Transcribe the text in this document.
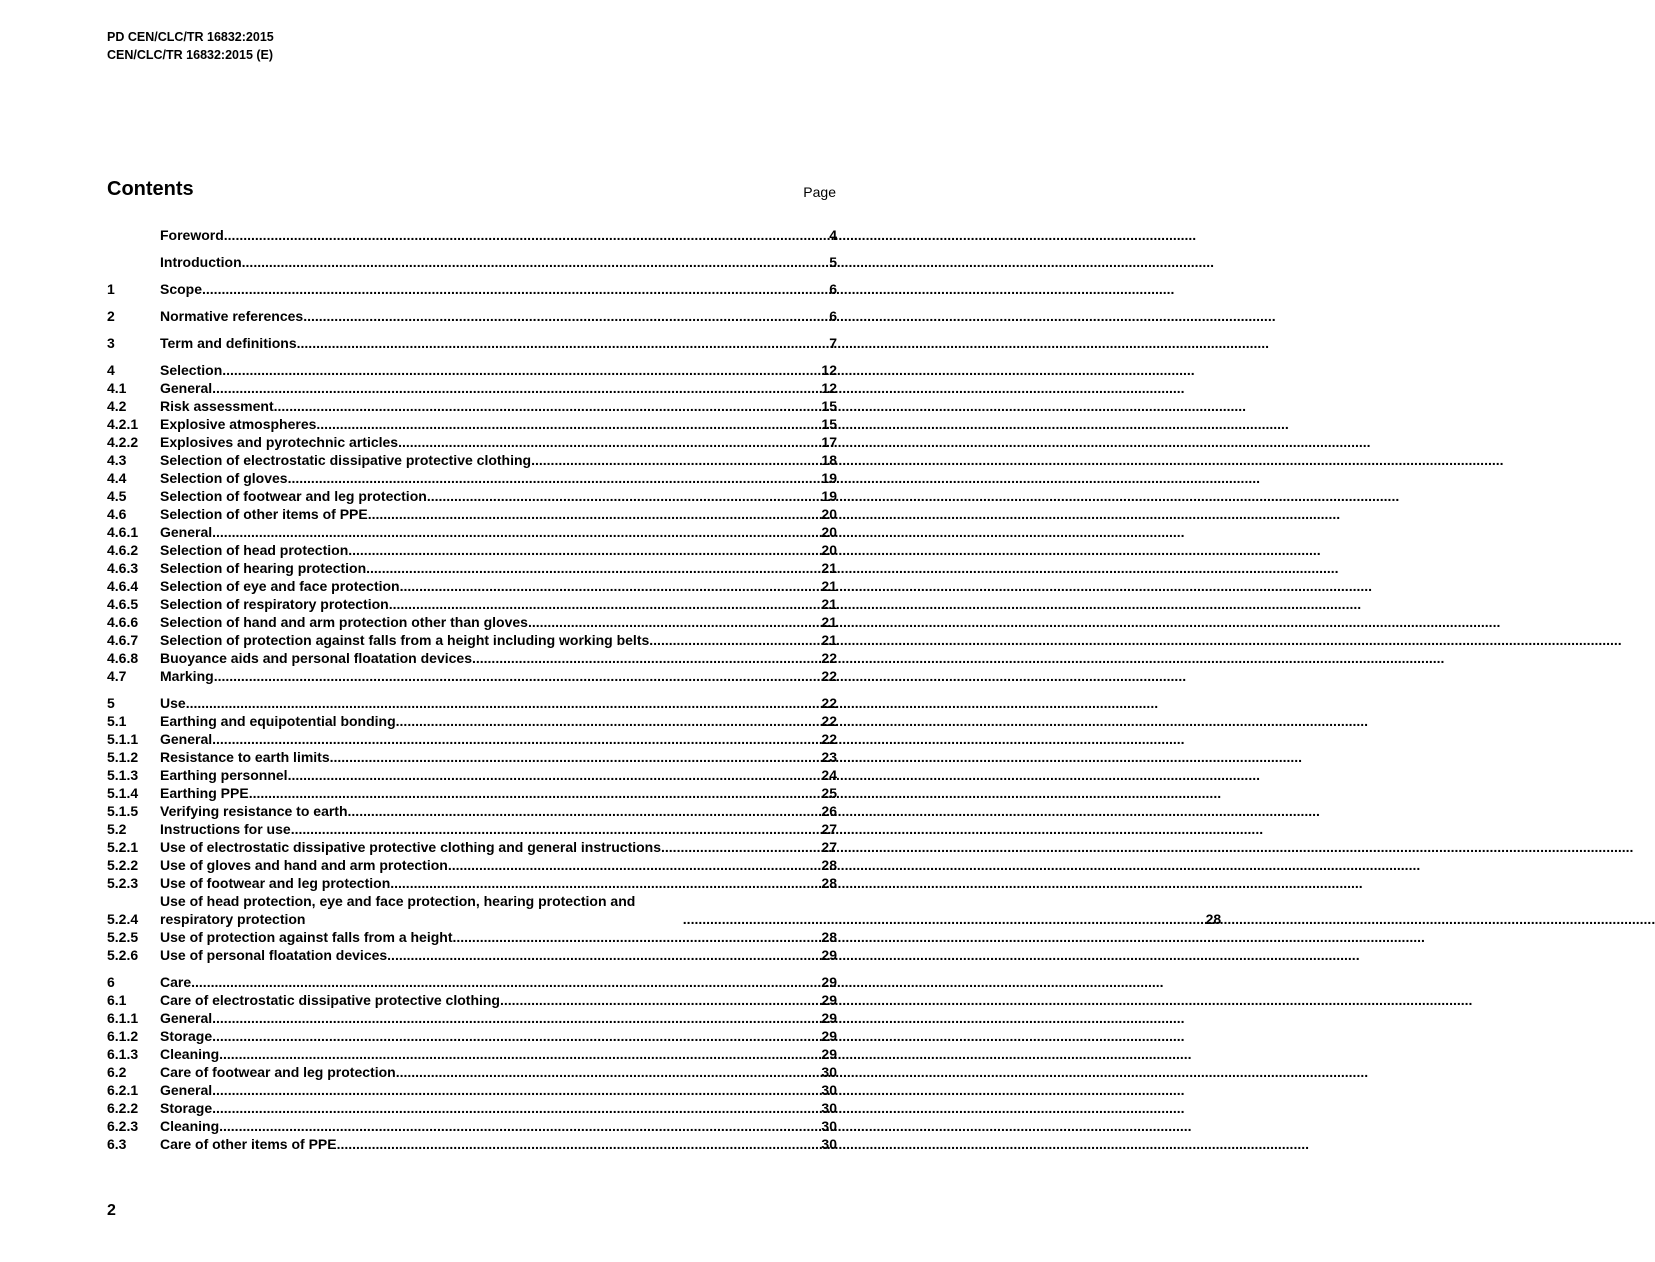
PD CEN/CLC/TR 16832:2015
CEN/CLC/TR 16832:2015 (E)
Contents	Page
Foreword .....	4
Introduction .....	5
1	Scope .....	6
2	Normative references .....	6
3	Term and definitions .....	7
4	Selection .....	12
4.1	General .....	12
4.2	Risk assessment .....	15
4.2.1	Explosive atmospheres .....	15
4.2.2	Explosives and pyrotechnic articles .....	17
4.3	Selection of electrostatic dissipative protective clothing .....	18
4.4	Selection of gloves .....	19
4.5	Selection of footwear and leg protection .....	19
4.6	Selection of other items of PPE .....	20
4.6.1	General .....	20
4.6.2	Selection of head protection .....	20
4.6.3	Selection of hearing protection .....	21
4.6.4	Selection of eye and face protection .....	21
4.6.5	Selection of respiratory protection .....	21
4.6.6	Selection of hand and arm protection other than gloves .....	21
4.6.7	Selection of protection against falls from a height including working belts .....	21
4.6.8	Buoyance aids and personal floatation devices .....	22
4.7	Marking .....	22
5	Use .....	22
5.1	Earthing and equipotential bonding .....	22
5.1.1	General .....	22
5.1.2	Resistance to earth limits .....	23
5.1.3	Earthing personnel .....	24
5.1.4	Earthing PPE .....	25
5.1.5	Verifying resistance to earth .....	26
5.2	Instructions for use .....	27
5.2.1	Use of electrostatic dissipative protective clothing and general instructions .....	27
5.2.2	Use of gloves and hand and arm protection .....	28
5.2.3	Use of footwear and leg protection .....	28
5.2.4
Use of head protection, eye and face protection, hearing protection and
respiratory protection .....	28
5.2.5	Use of protection against falls from a height .....	28
5.2.6	Use of personal floatation devices .....	29
6	Care .....	29
6.1	Care of electrostatic dissipative protective clothing .....	29
6.1.1	General .....	29
6.1.2	Storage .....	29
6.1.3	Cleaning .....	29
6.2	Care of footwear and leg protection .....	30
6.2.1	General .....	30
6.2.2	Storage .....	30
6.2.3	Cleaning .....	30
6.3	Care of other items of PPE .....	30
2
